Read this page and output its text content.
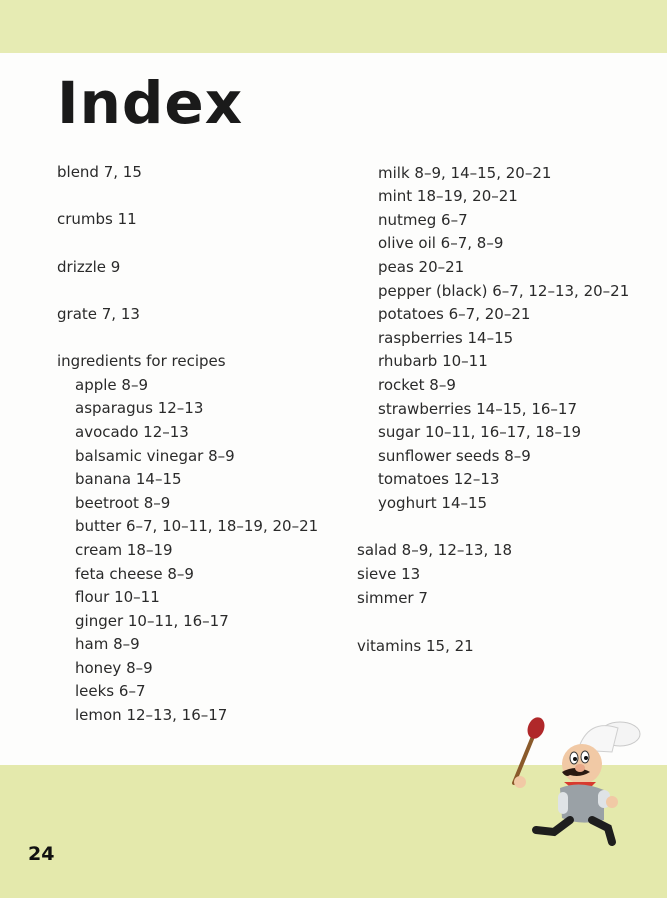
Index
blend 7, 15
crumbs 11
drizzle 9
grate 7, 13
ingredients for recipes
apple 8–9
asparagus 12–13
avocado 12–13
balsamic vinegar 8–9
banana 14–15
beetroot 8–9
butter 6–7, 10–11, 18–19, 20–21
cream 18–19
feta cheese 8–9
flour 10–11
ginger 10–11, 16–17
ham 8–9
honey 8–9
leeks 6–7
lemon 12–13, 16–17
milk 8–9, 14–15, 20–21
mint 18–19, 20–21
nutmeg 6–7
olive oil 6–7, 8–9
peas 20–21
pepper (black) 6–7, 12–13, 20–21
potatoes 6–7, 20–21
raspberries 14–15
rhubarb 10–11
rocket 8–9
strawberries 14–15, 16–17
sugar 10–11, 16–17, 18–19
sunflower seeds 8–9
tomatoes 12–13
yoghurt 14–15
salad 8–9, 12–13, 18
sieve 13
simmer 7
vitamins 15, 21
24
